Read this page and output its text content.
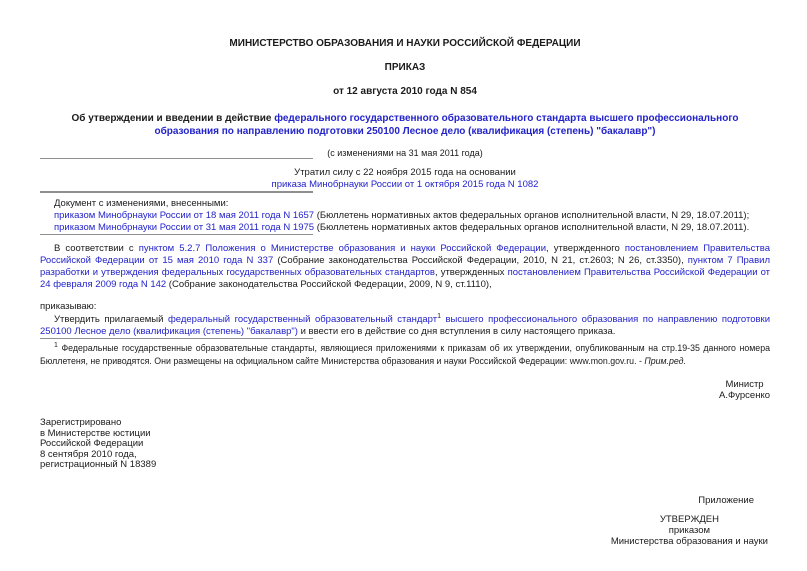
МИНИСТЕРСТВО ОБРАЗОВАНИЯ И НАУКИ РОССИЙСКОЙ ФЕДЕРАЦИИ
ПРИКАЗ
от 12 августа 2010 года N 854
Об утверждении и введении в действие федерального государственного образовательного стандарта высшего профессионального образования по направлению подготовки 250100 Лесное дело (квалификация (степень) "бакалавр")
(с изменениями на 31 мая 2011 года)
Утратил силу с 22 ноября 2015 года на основании
приказа Минобрнауки России от 1 октября 2015 года N 1082
Документ с изменениями, внесенными:
приказом Минобрнауки России от 18 мая 2011 года N 1657 (Бюллетень нормативных актов федеральных органов исполнительной власти, N 29, 18.07.2011);
приказом Минобрнауки России от 31 мая 2011 года N 1975 (Бюллетень нормативных актов федеральных органов исполнительной власти, N 29, 18.07.2011).
В соответствии с пунктом 5.2.7 Положения о Министерстве образования и науки Российской Федерации, утвержденного постановлением Правительства Российской Федерации от 15 мая 2010 года N 337 (Собрание законодательства Российской Федерации, 2010, N 21, ст.2603; N 26, ст.3350), пунктом 7 Правил разработки и утверждения федеральных государственных образовательных стандартов, утвержденных постановлением Правительства Российской Федерации от 24 февраля 2009 года N 142 (Собрание законодательства Российской Федерации, 2009, N 9, ст.1110),
приказываю:
Утвердить прилагаемый федеральный государственный образовательный стандарт$^1$ высшего профессионального образования по направлению подготовки 250100 Лесное дело (квалификация (степень) "бакалавр") и ввести его в действие со дня вступления в силу настоящего приказа.
$^1$ Федеральные государственные образовательные стандарты, являющиеся приложениями к приказам об их утверждении, опубликованным на стр.19-35 данного номера Бюллетеня, не приводятся. Они размещены на официальном сайте Министерства образования и науки Российской Федерации: www.mon.gov.ru. - Прим.ред.
Министр
А.Фурсенко
Зарегистрировано
в Министерстве юстиции
Российской Федерации
8 сентября 2010 года,
регистрационный N 18389
Приложение
УТВЕРЖДЕН
приказом
Министерства образования и науки
